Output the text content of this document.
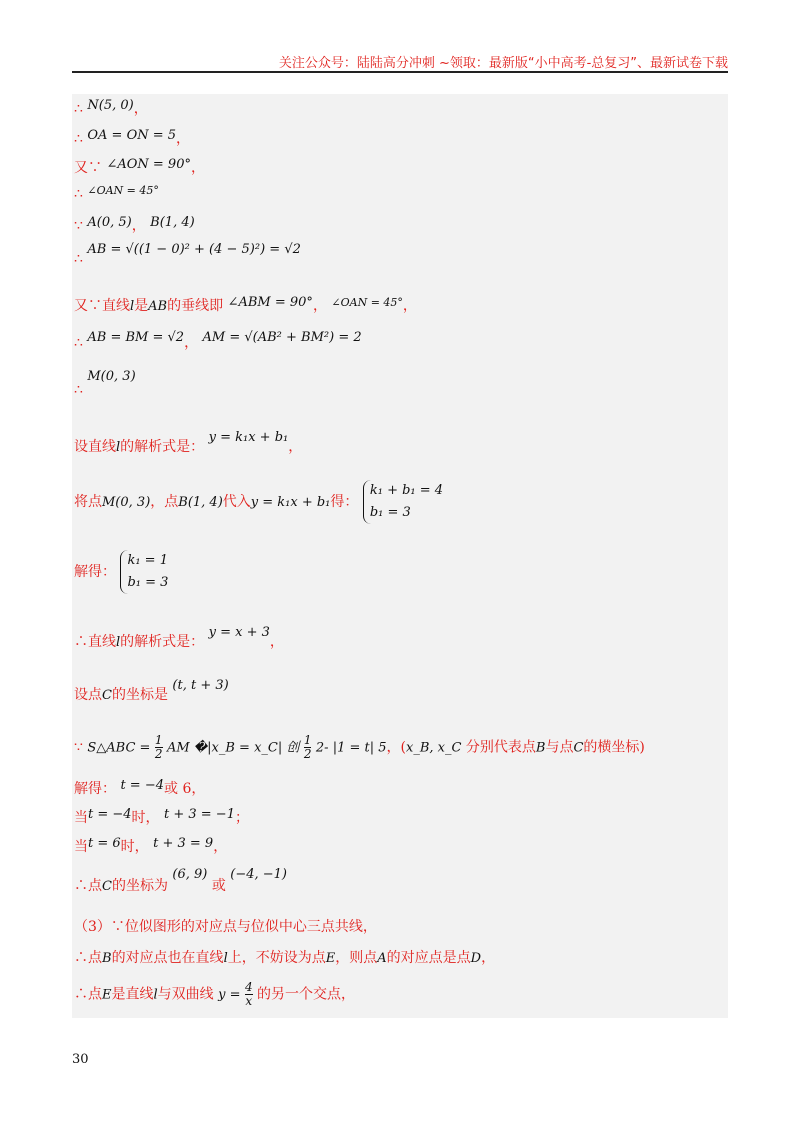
关注公众号：陆陆高分冲刺 ~领取：最新版“小中高考-总复习”、最新试卷下载
∴ N(5, 0)，
∴ OA = ON = 5，
又∵ ∠AON = 90°，
∴ $^{\angle OAN = 45^\circ}$
∵ A(0, 5)， B(1, 4)
∴ AB = √((1 − 0)² + (4 − 5)²) = √2
又∵直线l是AB的垂线即 ∠ABM = 90°， $^{\angle OAN = 45^\circ}$，
∴ AB = BM = √2， AM = √(AB² + BM²) = 2
∴ M(0, 3)
设直线l的解析式是： y = k₁x + b₁，
将点M(0, 3)，点B(1, 4)代入y = k₁x + b₁得：
k₁ + b₁ = 4
b₁ = 3
解得：
k₁ = 1
b₁ = 3
∴直线l的解析式是： y = x + 3，
设点C的坐标是 (t, t + 3)
∵ S△ABC = $\frac{1}{2}$ AM �|x_B = x_C| 创 $\frac{1}{2} 2-$ |1 = t| 5，(x_B, x_C 分别代表点B与点C的横坐标)
解得： t = −4或 6，
当t = −4时， t + 3 = −1；
当t = 6时， t + 3 = 9，
∴点C的坐标为 (6, 9) 或 (−4, −1)
（3）∵位似图形的对应点与位似中心三点共线，
∴点B的对应点也在直线l上，不妨设为点E，则点A的对应点是点D，
∴点E是直线l与双曲线 $y = \frac{4}{x}$ 的另一个交点，
30
